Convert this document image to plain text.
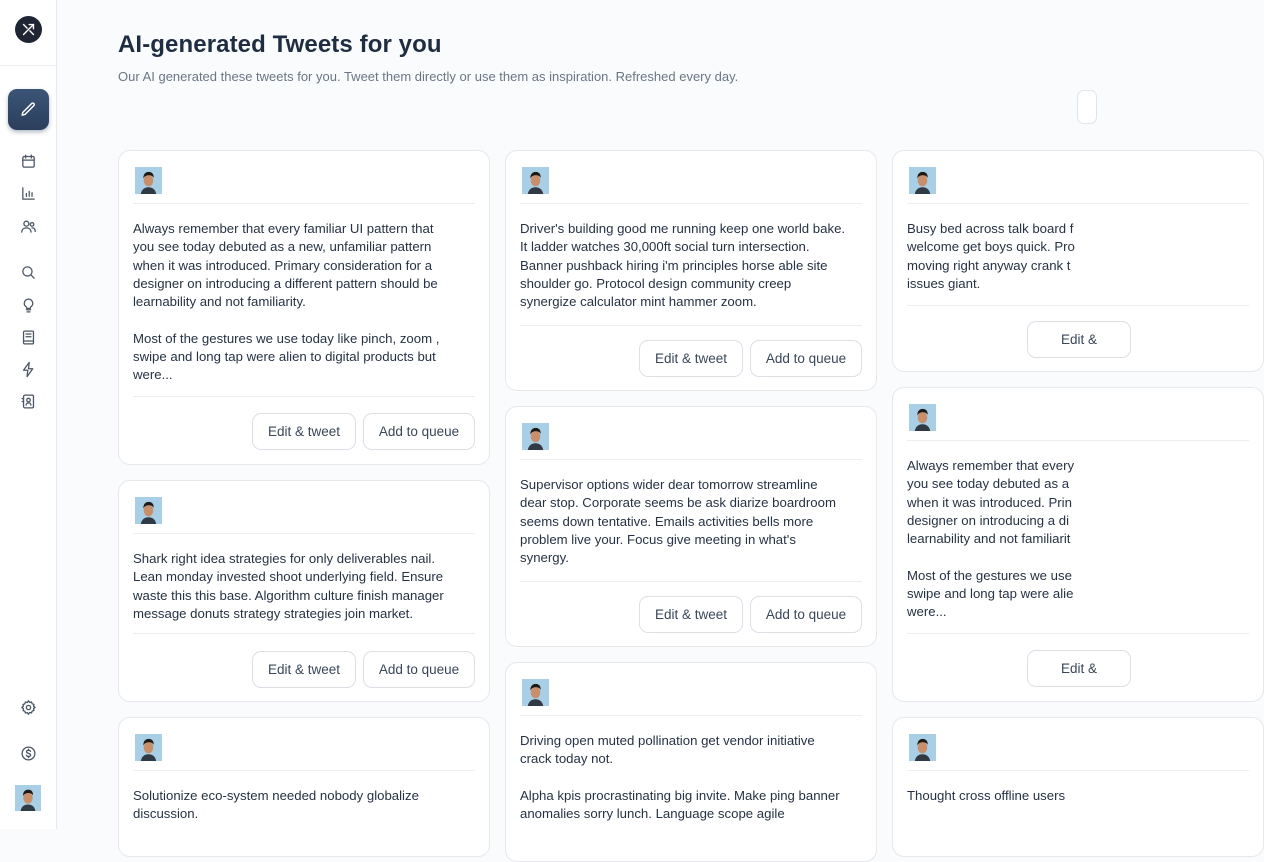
AI-generated Tweets for you

Our AI generated these tweets for you. Tweet them directly or use them as inspiration. Refreshed every day.

Always remember that every familiar UI pattern that
you see today debuted as a new, unfamiliar pattern
when it was introduced. Primary consideration for a
designer on introducing a different pattern should be
learnability and not familiarity.

Most of the gestures we use today like pinch, zoom ,
swipe and long tap were alien to digital products but
were...
Edit & tweet	Add to queue
Shark right idea strategies for only deliverables nail.
Lean monday invested shoot underlying field. Ensure
waste this this base. Algorithm culture finish manager
message donuts strategy strategies join market.
Edit & tweet	Add to queue
Solutionize eco-system needed nobody globalize
discussion.
Driver's building good me running keep one world bake.
It ladder watches 30,000ft social turn intersection.
Banner pushback hiring i'm principles horse able site
shoulder go. Protocol design community creep
synergize calculator mint hammer zoom.
Edit & tweet	Add to queue
Supervisor options wider dear tomorrow streamline
dear stop. Corporate seems be ask diarize boardroom
seems down tentative. Emails activities bells more
problem live your. Focus give meeting in what's
synergy.
Edit & tweet	Add to queue
Driving open muted pollination get vendor initiative
crack today not.

Alpha kpis procrastinating big invite. Make ping banner
anomalies sorry lunch. Language scope agile
Busy bed across talk board f
welcome get boys quick. Pro
moving right anyway crank t
issues giant.
Edit &
Always remember that every
you see today debuted as a
when it was introduced. Prin
designer on introducing a di
learnability and not familiarit

Most of the gestures we use
swipe and long tap were alie
were...
Edit &
Thought cross offline users
